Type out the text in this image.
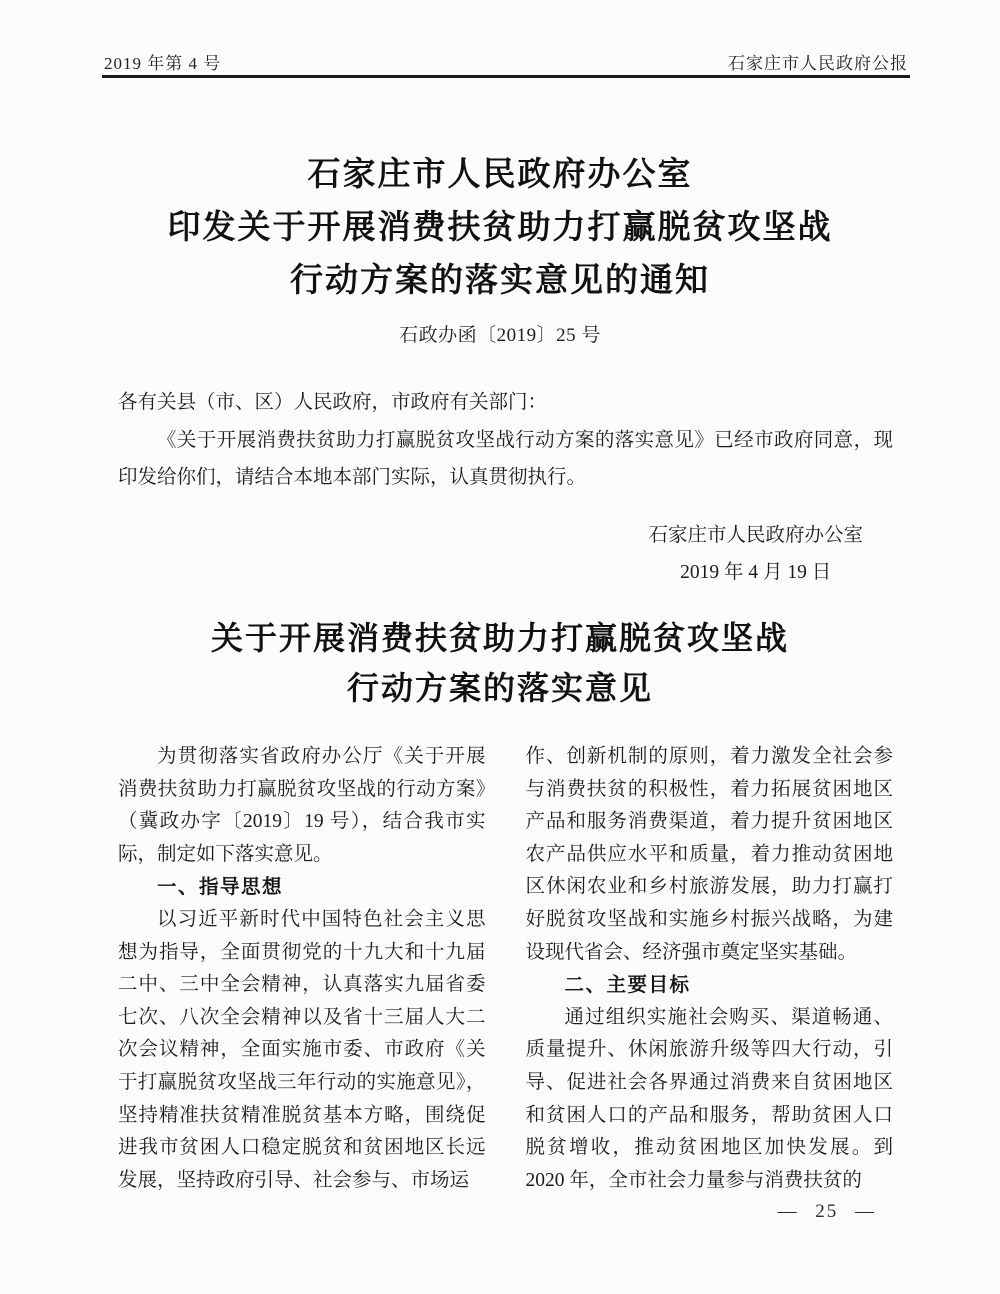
2019 年第 4 号	石家庄市人民政府公报
石家庄市人民政府办公室
印发关于开展消费扶贫助力打赢脱贫攻坚战
行动方案的落实意见的通知
石政办函〔2019〕25 号

各有关县（市、区）人民政府，市政府有关部门：

《关于开展消费扶贫助力打赢脱贫攻坚战行动方案的落实意见》已经市政府同意，现印发给你们，请结合本地本部门实际，认真贯彻执行。

石家庄市人民政府办公室
2019 年 4 月 19 日
关于开展消费扶贫助力打赢脱贫攻坚战
行动方案的落实意见

为贯彻落实省政府办公厅《关于开展消费扶贫助力打赢脱贫攻坚战的行动方案》（冀政办字〔2019〕19 号），结合我市实际，制定如下落实意见。

一、指导思想

以习近平新时代中国特色社会主义思想为指导，全面贯彻党的十九大和十九届二中、三中全会精神，认真落实九届省委七次、八次全会精神以及省十三届人大二次会议精神，全面实施市委、市政府《关于打赢脱贫攻坚战三年行动的实施意见》，坚持精准扶贫精准脱贫基本方略，围绕促进我市贫困人口稳定脱贫和贫困地区长远发展，坚持政府引导、社会参与、市场运

作、创新机制的原则，着力激发全社会参与消费扶贫的积极性，着力拓展贫困地区产品和服务消费渠道，着力提升贫困地区农产品供应水平和质量，着力推动贫困地区休闲农业和乡村旅游发展，助力打赢打好脱贫攻坚战和实施乡村振兴战略，为建设现代省会、经济强市奠定坚实基础。

二、主要目标

通过组织实施社会购买、渠道畅通、质量提升、休闲旅游升级等四大行动，引导、促进社会各界通过消费来自贫困地区和贫困人口的产品和服务，帮助贫困人口脱贫增收，推动贫困地区加快发展。到 2020 年，全市社会力量参与消费扶贫的

— 25 —
